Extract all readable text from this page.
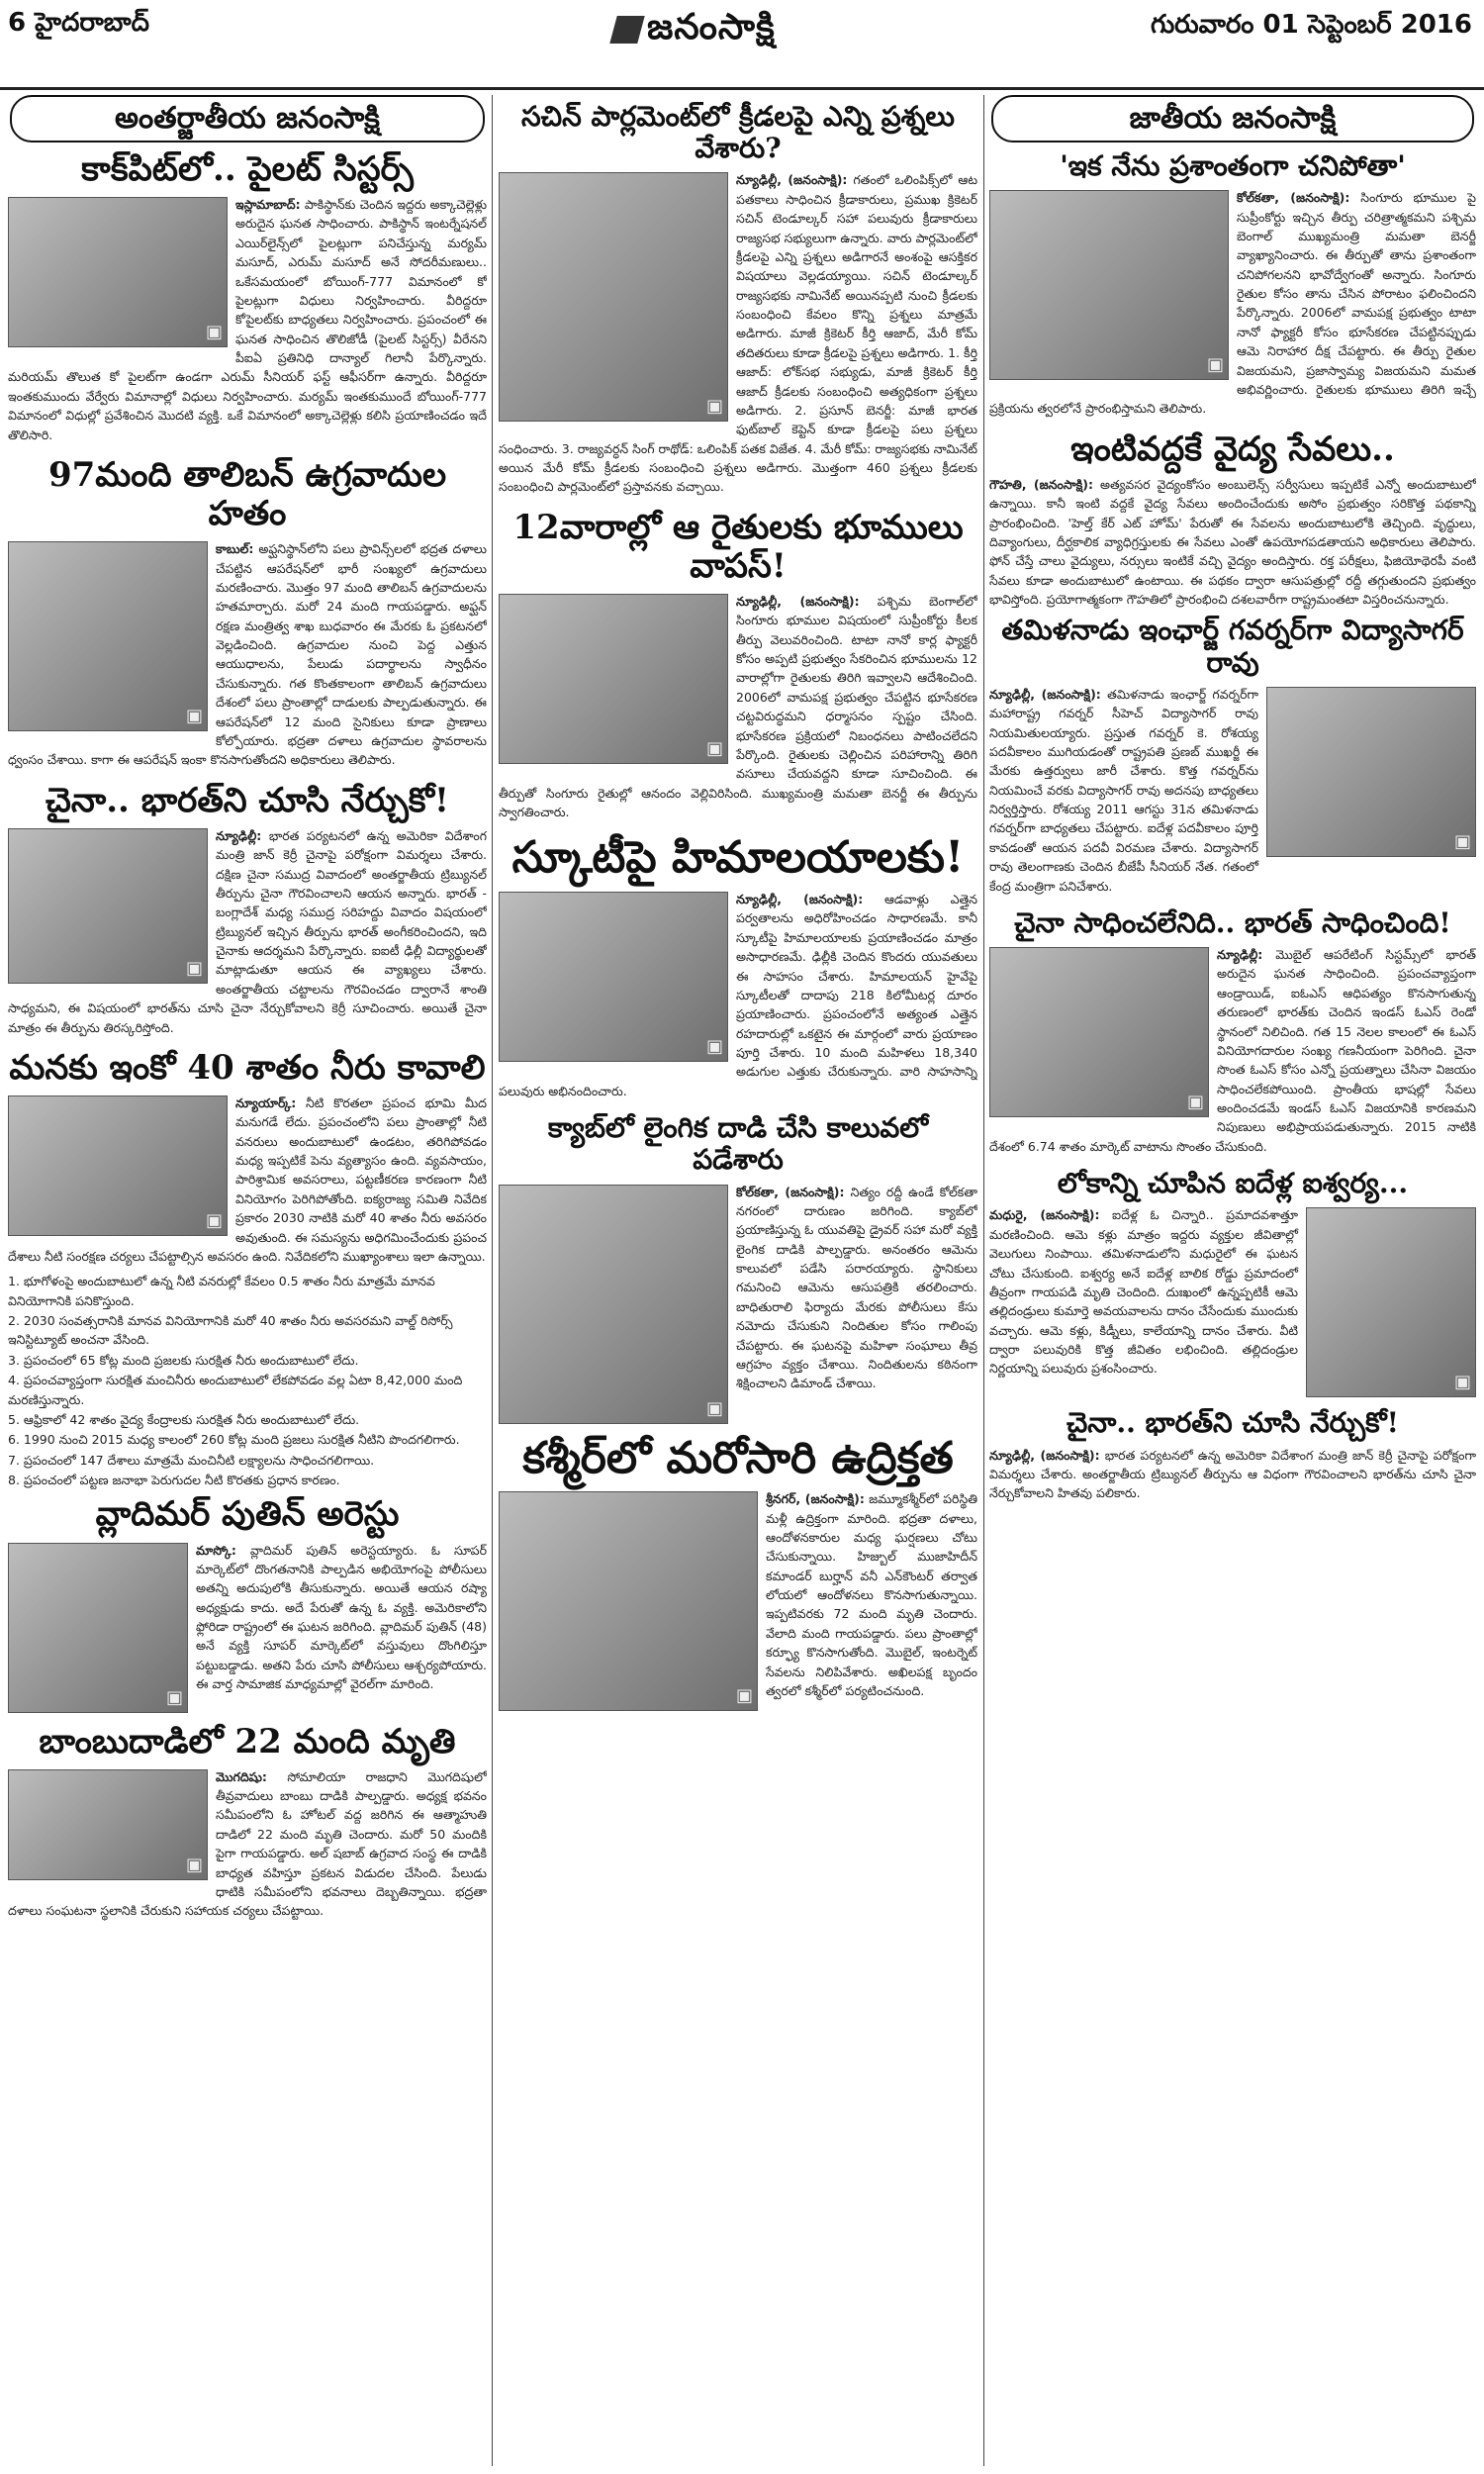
6 హైదరాబాద్	జనంసాక్షి	గురువారం 01 సెప్టెంబర్ 2016
అంతర్జాతీయ జనంసాక్షి
కాక్‌పిట్‌లో.. పైలట్ సిస్టర్స్
▣
ఇస్లామాబాద్: పాకిస్థాన్‌కు చెందిన ఇద్దరు అక్కాచెల్లెళ్లు అరుదైన ఘనత సాధించారు. పాకిస్థాన్ ఇంటర్నేషనల్ ఎయిర్‌లైన్స్‌లో పైలట్లుగా పనిచేస్తున్న మర్యమ్ మసూద్, ఎరుమ్ మసూద్ అనే సోదరీమణులు.. ఒకేసమయంలో బోయింగ్-777 విమానంలో కో పైలట్లుగా విధులు నిర్వహించారు. వీరిద్దరూ కోపైలట్‌కు బాధ్యతలు నిర్వహించారు. ప్రపంచంలో ఈ ఘనత సాధించిన తొలిజోడీ (పైలట్ సిస్టర్స్) వీరేనని పీఐఏ ప్రతినిధి దాన్యాల్ గిలానీ పేర్కొన్నారు. మరియమ్ తొలుత కో పైలట్‌గా ఉండగా ఎరుమ్ సీనియర్ ఫస్ట్ ఆఫీసర్‌గా ఉన్నారు. వీరిద్దరూ ఇంతకుముందు వేర్వేరు విమానాల్లో విధులు నిర్వహించారు. మర్యమ్ ఇంతకుముందే బోయింగ్-777 విమానంలో విధుల్లో ప్రవేశించిన మొదటి వ్యక్తి. ఒకే విమానంలో అక్కాచెల్లెళ్లు కలిసి ప్రయాణించడం ఇదే తొలిసారి.
97మంది తాలిబన్ ఉగ్రవాదుల హతం
▣
కాబుల్: అఫ్ఘనిస్థాన్‌లోని పలు ప్రావిన్స్‌లలో భద్రత దళాలు చేపట్టిన ఆపరేషన్‌లో భారీ సంఖ్యలో ఉగ్రవాదులు మరణించారు. మొత్తం 97 మంది తాలిబన్ ఉగ్రవాదులను హతమార్చారు. మరో 24 మంది గాయపడ్డారు. అఫ్ఘన్ రక్షణ మంత్రిత్వ శాఖ బుధవారం ఈ మేరకు ఓ ప్రకటనలో వెల్లడించింది. ఉగ్రవాదుల నుంచి పెద్ద ఎత్తున ఆయుధాలను, పేలుడు పదార్థాలను స్వాధీనం చేసుకున్నారు. గత కొంతకాలంగా తాలిబన్ ఉగ్రవాదులు దేశంలో పలు ప్రాంతాల్లో దాడులకు పాల్పడుతున్నారు. ఈ ఆపరేషన్‌లో 12 మంది సైనికులు కూడా ప్రాణాలు కోల్పోయారు. భద్రతా దళాలు ఉగ్రవాదుల స్థావరాలను ధ్వంసం చేశాయి. కాగా ఈ ఆపరేషన్ ఇంకా కొనసాగుతోందని అధికారులు తెలిపారు.
చైనా.. భారత్‌ని చూసి నేర్చుకో!
▣
న్యూఢిల్లీ: భారత పర్యటనలో ఉన్న అమెరికా విదేశాంగ మంత్రి జాన్ కెర్రీ చైనాపై పరోక్షంగా విమర్శలు చేశారు. దక్షిణ చైనా సముద్ర వివాదంలో అంతర్జాతీయ ట్రిబ్యునల్ తీర్పును చైనా గౌరవించాలని ఆయన అన్నారు. భారత్ - బంగ్లాదేశ్ మధ్య సముద్ర సరిహద్దు వివాదం విషయంలో ట్రిబ్యునల్ ఇచ్చిన తీర్పును భారత్ అంగీకరించిందని, ఇది చైనాకు ఆదర్శమని పేర్కొన్నారు. ఐఐటీ ఢిల్లీ విద్యార్థులతో మాట్లాడుతూ ఆయన ఈ వ్యాఖ్యలు చేశారు. అంతర్జాతీయ చట్టాలను గౌరవించడం ద్వారానే శాంతి సాధ్యమని, ఈ విషయంలో భారత్‌ను చూసి చైనా నేర్చుకోవాలని కెర్రీ సూచించారు. అయితే చైనా మాత్రం ఈ తీర్పును తిరస్కరిస్తోంది.
మనకు ఇంకో 40 శాతం నీరు కావాలి
▣
న్యూయార్క్: నీటి కొరతలా ప్రపంచ భూమి మీద మనుగడే లేదు. ప్రపంచంలోని పలు ప్రాంతాల్లో నీటి వనరులు అందుబాటులో ఉండటం, తరిగిపోవడం మధ్య ఇప్పటికే పెను వ్యత్యాసం ఉంది. వ్యవసాయం, పారిశ్రామిక అవసరాలు, పట్టణీకరణ కారణంగా నీటి వినియోగం పెరిగిపోతోంది. ఐక్యరాజ్య సమితి నివేదిక ప్రకారం 2030 నాటికి మరో 40 శాతం నీరు అవసరం అవుతుంది. ఈ సమస్యను అధిగమించేందుకు ప్రపంచ దేశాలు నీటి సంరక్షణ చర్యలు చేపట్టాల్సిన అవసరం ఉంది. నివేదికలోని ముఖ్యాంశాలు ఇలా ఉన్నాయి.
1. భూగోళంపై అందుబాటులో ఉన్న నీటి వనరుల్లో కేవలం 0.5 శాతం నీరు మాత్రమే మానవ వినియోగానికి పనికొస్తుంది.
2. 2030 సంవత్సరానికి మానవ వినియోగానికి మరో 40 శాతం నీరు అవసరమని వాల్డ్ రిసోర్స్ ఇనిస్టిట్యూట్ అంచనా వేసింది.
3. ప్రపంచంలో 65 కోట్ల మంది ప్రజలకు సురక్షిత నీరు అందుబాటులో లేదు.
4. ప్రపంచవ్యాప్తంగా సురక్షిత మంచినీరు అందుబాటులో లేకపోవడం వల్ల ఏటా 8,42,000 మంది మరణిస్తున్నారు.
5. ఆఫ్రికాలో 42 శాతం వైద్య కేంద్రాలకు సురక్షిత నీరు అందుబాటులో లేదు.
6. 1990 నుంచి 2015 మధ్య కాలంలో 260 కోట్ల మంది ప్రజలు సురక్షిత నీటిని పొందగలిగారు.
7. ప్రపంచంలో 147 దేశాలు మాత్రమే మంచినీటి లక్ష్యాలను సాధించగలిగాయి.
8. ప్రపంచంలో పట్టణ జనాభా పెరుగుదల నీటి కొరతకు ప్రధాన కారణం.
వ్లాదిమర్ పుతిన్ అరెస్టు
▣
మాస్కో: వ్లాదిమర్ పుతిన్ అరెస్టయ్యారు. ఓ సూపర్ మార్కెట్‌లో దొంగతనానికి పాల్పడిన అభియోగంపై పోలీసులు అతన్ని అదుపులోకి తీసుకున్నారు. అయితే ఆయన రష్యా అధ్యక్షుడు కాదు. అదే పేరుతో ఉన్న ఓ వ్యక్తి. అమెరికాలోని ఫ్లోరిడా రాష్ట్రంలో ఈ ఘటన జరిగింది. వ్లాదిమర్ పుతిన్ (48) అనే వ్యక్తి సూపర్ మార్కెట్‌లో వస్తువులు దొంగిలిస్తూ పట్టుబడ్డాడు. అతని పేరు చూసి పోలీసులు ఆశ్చర్యపోయారు. ఈ వార్త సామాజిక మాధ్యమాల్లో వైరల్‌గా మారింది.
బాంబుదాడిలో 22 మంది మృతి
▣
మొగదిషు: సోమాలియా రాజధాని మొగదిషులో తీవ్రవాదులు బాంబు దాడికి పాల్పడ్డారు. అధ్యక్ష భవనం సమీపంలోని ఓ హోటల్ వద్ద జరిగిన ఈ ఆత్మాహుతి దాడిలో 22 మంది మృతి చెందారు. మరో 50 మందికి పైగా గాయపడ్డారు. అల్ షబాబ్ ఉగ్రవాద సంస్థ ఈ దాడికి బాధ్యత వహిస్తూ ప్రకటన విడుదల చేసింది. పేలుడు ధాటికి సమీపంలోని భవనాలు దెబ్బతిన్నాయి. భద్రతా దళాలు సంఘటనా స్థలానికి చేరుకుని సహాయక చర్యలు చేపట్టాయి.
సచిన్ పార్లమెంట్‌లో క్రీడలపై ఎన్ని ప్రశ్నలు వేశారు?
▣
న్యూఢిల్లీ, (జనంసాక్షి): గతంలో ఒలింపిక్స్‌లో ఆట పతకాలు సాధించిన క్రీడాకారులు, ప్రముఖ క్రికెటర్ సచిన్ టెండూల్కర్ సహా పలువురు క్రీడాకారులు రాజ్యసభ సభ్యులుగా ఉన్నారు. వారు పార్లమెంట్‌లో క్రీడలపై ఎన్ని ప్రశ్నలు అడిగారనే అంశంపై ఆసక్తికర విషయాలు వెల్లడయ్యాయి. సచిన్ టెండూల్కర్ రాజ్యసభకు నామినేట్ అయినప్పటి నుంచి క్రీడలకు సంబంధించి కేవలం కొన్ని ప్రశ్నలు మాత్రమే అడిగారు. మాజీ క్రికెటర్ కీర్తి ఆజాద్, మేరీ కోమ్ తదితరులు కూడా క్రీడలపై ప్రశ్నలు అడిగారు. 1. కీర్తి ఆజాద్: లోక్‌సభ సభ్యుడు, మాజీ క్రికెటర్ కీర్తి ఆజాద్ క్రీడలకు సంబంధించి అత్యధికంగా ప్రశ్నలు అడిగారు. 2. ప్రసూన్ బెనర్జీ: మాజీ భారత ఫుట్‌బాల్ కెప్టెన్ కూడా క్రీడలపై పలు ప్రశ్నలు సంధించారు. 3. రాజ్యవర్ధన్ సింగ్ రాథోడ్: ఒలింపిక్ పతక విజేత. 4. మేరీ కోమ్: రాజ్యసభకు నామినేట్ అయిన మేరీ కోమ్ క్రీడలకు సంబంధించి ప్రశ్నలు అడిగారు. మొత్తంగా 460 ప్రశ్నలు క్రీడలకు సంబంధించి పార్లమెంట్‌లో ప్రస్తావనకు వచ్చాయి.
12వారాల్లో ఆ రైతులకు భూములు వాపస్!
▣
న్యూఢిల్లీ, (జనంసాక్షి): పశ్చిమ బెంగాల్‌లో సింగూరు భూముల విషయంలో సుప్రీంకోర్టు కీలక తీర్పు వెలువరించింది. టాటా నానో కార్ల ఫ్యాక్టరీ కోసం అప్పటి ప్రభుత్వం సేకరించిన భూములను 12 వారాల్లోగా రైతులకు తిరిగి ఇవ్వాలని ఆదేశించింది. 2006లో వామపక్ష ప్రభుత్వం చేపట్టిన భూసేకరణ చట్టవిరుద్ధమని ధర్మాసనం స్పష్టం చేసింది. భూసేకరణ ప్రక్రియలో నిబంధనలు పాటించలేదని పేర్కొంది. రైతులకు చెల్లించిన పరిహారాన్ని తిరిగి వసూలు చేయవద్దని కూడా సూచించింది. ఈ తీర్పుతో సింగూరు రైతుల్లో ఆనందం వెల్లివిరిసింది. ముఖ్యమంత్రి మమతా బెనర్జీ ఈ తీర్పును స్వాగతించారు.
స్కూటీపై హిమాలయాలకు!
▣
న్యూఢిల్లీ, (జనంసాక్షి): ఆడవాళ్లు ఎత్తైన పర్వతాలను అధిరోహించడం సాధారణమే. కానీ స్కూటీపై హిమాలయాలకు ప్రయాణించడం మాత్రం అసాధారణమే. ఢిల్లీకి చెందిన కొందరు యువతులు ఈ సాహసం చేశారు. హిమాలయన్ హైవేపై స్కూటీలతో దాదాపు 218 కిలోమీటర్ల దూరం ప్రయాణించారు. ప్రపంచంలోనే అత్యంత ఎత్తైన రహదారుల్లో ఒకటైన ఈ మార్గంలో వారు ప్రయాణం పూర్తి చేశారు. 10 మంది మహిళలు 18,340 అడుగుల ఎత్తుకు చేరుకున్నారు. వారి సాహసాన్ని పలువురు అభినందించారు.
క్యాబ్‌లో లైంగిక దాడి చేసి కాలువలో పడేశారు
▣
కోల్‌కతా, (జనంసాక్షి): నిత్యం రద్దీ ఉండే కోల్‌కతా నగరంలో దారుణం జరిగింది. క్యాబ్‌లో ప్రయాణిస్తున్న ఓ యువతిపై డ్రైవర్ సహా మరో వ్యక్తి లైంగిక దాడికి పాల్పడ్డారు. అనంతరం ఆమెను కాలువలో పడేసి పరారయ్యారు. స్థానికులు గమనించి ఆమెను ఆసుపత్రికి తరలించారు. బాధితురాలి ఫిర్యాదు మేరకు పోలీసులు కేసు నమోదు చేసుకుని నిందితుల కోసం గాలింపు చేపట్టారు. ఈ ఘటనపై మహిళా సంఘాలు తీవ్ర ఆగ్రహం వ్యక్తం చేశాయి. నిందితులను కఠినంగా శిక్షించాలని డిమాండ్ చేశాయి.
కశ్మీర్‌లో మరోసారి ఉద్రిక్తత
▣
శ్రీనగర్, (జనంసాక్షి): జమ్మూకశ్మీర్‌లో పరిస్థితి మళ్లీ ఉద్రిక్తంగా మారింది. భద్రతా దళాలు, ఆందోళనకారుల మధ్య ఘర్షణలు చోటు చేసుకున్నాయి. హిజ్బుల్ ముజాహిదీన్ కమాండర్ బుర్హాన్ వనీ ఎన్‌కౌంటర్ తర్వాత లోయలో ఆందోళనలు కొనసాగుతున్నాయి. ఇప్పటివరకు 72 మంది మృతి చెందారు. వేలాది మంది గాయపడ్డారు. పలు ప్రాంతాల్లో కర్ఫ్యూ కొనసాగుతోంది. మొబైల్, ఇంటర్నెట్ సేవలను నిలిపివేశారు. అఖిలపక్ష బృందం త్వరలో కశ్మీర్‌లో పర్యటించనుంది.
జాతీయ జనంసాక్షి
'ఇక నేను ప్రశాంతంగా చనిపోతా'
▣
కోల్‌కతా, (జనంసాక్షి): సింగూరు భూముల పై సుప్రీంకోర్టు ఇచ్చిన తీర్పు చరిత్రాత్మకమని పశ్చిమ బెంగాల్ ముఖ్యమంత్రి మమతా బెనర్జీ వ్యాఖ్యానించారు. ఈ తీర్పుతో తాను ప్రశాంతంగా చనిపోగలనని భావోద్వేగంతో అన్నారు. సింగూరు రైతుల కోసం తాను చేసిన పోరాటం ఫలించిందని పేర్కొన్నారు. 2006లో వామపక్ష ప్రభుత్వం టాటా నానో ఫ్యాక్టరీ కోసం భూసేకరణ చేపట్టినప్పుడు ఆమె నిరాహార దీక్ష చేపట్టారు. ఈ తీర్పు రైతుల విజయమని, ప్రజాస్వామ్య విజయమని మమత అభివర్ణించారు. రైతులకు భూములు తిరిగి ఇచ్చే ప్రక్రియను త్వరలోనే ప్రారంభిస్తామని తెలిపారు.
ఇంటివద్దకే వైద్య సేవలు..
గౌహతి, (జనంసాక్షి): అత్యవసర వైద్యంకోసం అంబులెన్స్ సర్వీసులు ఇప్పటికే ఎన్నో అందుబాటులో ఉన్నాయి. కానీ ఇంటి వద్దకే వైద్య సేవలు అందించేందుకు అసోం ప్రభుత్వం సరికొత్త పథకాన్ని ప్రారంభించింది. 'హెల్త్ కేర్ ఎట్ హోమ్' పేరుతో ఈ సేవలను అందుబాటులోకి తెచ్చింది. వృద్ధులు, దివ్యాంగులు, దీర్ఘకాలిక వ్యాధిగ్రస్తులకు ఈ సేవలు ఎంతో ఉపయోగపడతాయని అధికారులు తెలిపారు. ఫోన్ చేస్తే చాలు వైద్యులు, నర్సులు ఇంటికే వచ్చి వైద్యం అందిస్తారు. రక్త పరీక్షలు, ఫిజియోథెరపీ వంటి సేవలు కూడా అందుబాటులో ఉంటాయి. ఈ పథకం ద్వారా ఆసుపత్రుల్లో రద్దీ తగ్గుతుందని ప్రభుత్వం భావిస్తోంది. ప్రయోగాత్మకంగా గౌహతిలో ప్రారంభించి దశలవారీగా రాష్ట్రమంతటా విస్తరించనున్నారు.
తమిళనాడు ఇంఛార్జ్ గవర్నర్‌గా విద్యాసాగర్ రావు
▣
న్యూఢిల్లీ, (జనంసాక్షి): తమిళనాడు ఇంఛార్జ్ గవర్నర్‌గా మహారాష్ట్ర గవర్నర్ సీహెచ్ విద్యాసాగర్ రావు నియమితులయ్యారు. ప్రస్తుత గవర్నర్ కె. రోశయ్య పదవీకాలం ముగియడంతో రాష్ట్రపతి ప్రణబ్ ముఖర్జీ ఈ మేరకు ఉత్తర్వులు జారీ చేశారు. కొత్త గవర్నర్‌ను నియమించే వరకు విద్యాసాగర్ రావు అదనపు బాధ్యతలు నిర్వర్తిస్తారు. రోశయ్య 2011 ఆగస్టు 31న తమిళనాడు గవర్నర్‌గా బాధ్యతలు చేపట్టారు. ఐదేళ్ల పదవీకాలం పూర్తి కావడంతో ఆయన పదవీ విరమణ చేశారు. విద్యాసాగర్ రావు తెలంగాణకు చెందిన బీజేపీ సీనియర్ నేత. గతంలో కేంద్ర మంత్రిగా పనిచేశారు.
చైనా సాధించలేనిది.. భారత్ సాధించింది!
▣
న్యూఢిల్లీ: మొబైల్ ఆపరేటింగ్ సిస్టమ్స్‌లో భారత్ అరుదైన ఘనత సాధించింది. ప్రపంచవ్యాప్తంగా ఆండ్రాయిడ్, ఐఓఎస్ ఆధిపత్యం కొనసాగుతున్న తరుణంలో భారత్‌కు చెందిన ఇండస్ ఓఎస్ రెండో స్థానంలో నిలిచింది. గత 15 నెలల కాలంలో ఈ ఓఎస్ వినియోగదారుల సంఖ్య గణనీయంగా పెరిగింది. చైనా సొంత ఓఎస్ కోసం ఎన్నో ప్రయత్నాలు చేసినా విజయం సాధించలేకపోయింది. ప్రాంతీయ భాషల్లో సేవలు అందించడమే ఇండస్ ఓఎస్ విజయానికి కారణమని నిపుణులు అభిప్రాయపడుతున్నారు. 2015 నాటికి దేశంలో 6.74 శాతం మార్కెట్ వాటాను సొంతం చేసుకుంది.
లోకాన్ని చూపిన ఐదేళ్ల ఐశ్వర్య...
▣
మధురై, (జనంసాక్షి): ఐదేళ్ల ఓ చిన్నారి.. ప్రమాదవశాత్తూ మరణించింది. ఆమె కళ్లు మాత్రం ఇద్దరు వ్యక్తుల జీవితాల్లో వెలుగులు నింపాయి. తమిళనాడులోని మధురైలో ఈ ఘటన చోటు చేసుకుంది. ఐశ్వర్య అనే ఐదేళ్ల బాలిక రోడ్డు ప్రమాదంలో తీవ్రంగా గాయపడి మృతి చెందింది. దుఃఖంలో ఉన్నప్పటికీ ఆమె తల్లిదండ్రులు కుమార్తె అవయవాలను దానం చేసేందుకు ముందుకు వచ్చారు. ఆమె కళ్లు, కిడ్నీలు, కాలేయాన్ని దానం చేశారు. వీటి ద్వారా పలువురికి కొత్త జీవితం లభించింది. తల్లిదండ్రుల నిర్ణయాన్ని పలువురు ప్రశంసించారు.
చైనా.. భారత్‌ని చూసి నేర్చుకో!
న్యూఢిల్లీ, (జనంసాక్షి): భారత పర్యటనలో ఉన్న అమెరికా విదేశాంగ మంత్రి జాన్ కెర్రీ చైనాపై పరోక్షంగా విమర్శలు చేశారు. అంతర్జాతీయ ట్రిబ్యునల్ తీర్పును ఆ విధంగా గౌరవించాలని భారత్‌ను చూసి చైనా నేర్చుకోవాలని హితవు పలికారు.
